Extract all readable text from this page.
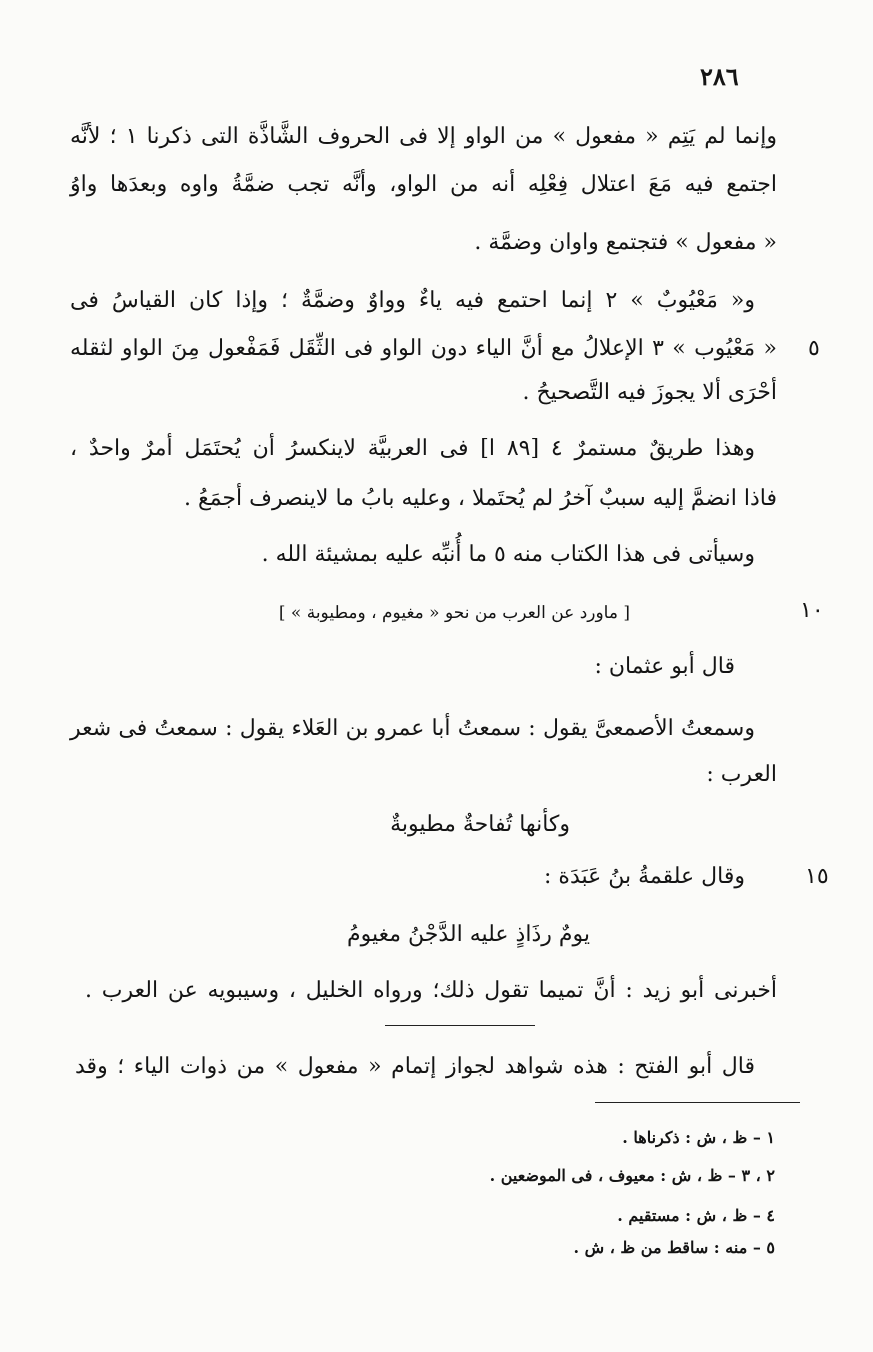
٢٨٦
وإنما لم يَتِم « مفعول » من الواو إلا فى الحروف الشَّاذَّة التى ذكرنا ١ ؛ لأنَّه
اجتمع فيه مَعَ اعتلال فِعْلِه أنه من الواو، وأنَّه تجب ضمَّةُ واوه وبعدَها واوُ
« مفعول » فتجتمع واوان وضمَّة .
و« مَعْيُوبٌ » ٢ إنما احتمع فيه ياءٌ وواوٌ وضمَّةٌ ؛ وإذا كان القياسُ فى
« مَعْيُوب » ٣ الإعلالُ مع أنَّ الياء دون الواو فى الثِّقَل فَمَفْعول مِنَ الواو لثقله ٥
أحْرَى ألا يجوزَ فيه التَّصحيحُ .
وهذا طريقٌ مستمرٌ ٤ [٨٩ ا] فى العربيَّة لاينكسرُ أن يُحتَمَل أمرٌ واحدٌ ،
فاذا انضمَّ إليه سببٌ آخرُ لم يُحتَملا ، وعليه بابُ ما لاينصرف أجمَعُ .
وسيأتى فى هذا الكتاب منه ٥ ما أُنبِّه عليه بمشيئة الله .
١٠
[ ماورد عن العرب من نحو « مغيوم ، ومطيوبة » ]
قال أبو عثمان :
وسمعتُ الأصمعىَّ يقول : سمعتُ أبا عمرو بن العَلاء يقول : سمعتُ فى شعر
العرب :
وكأنها تُفاحةٌ مطيوبةٌ
١٥
وقال علقمةُ بنُ عَبَدَة :
يومٌ رذَاذٍ عليه الدَّجْنُ مغيومُ
أخبرنى أبو زيد : أنَّ تميما تقول ذلك؛ ورواه الخليل ، وسيبويه عن العرب .
قال أبو الفتح : هذه شواهد لجواز إتمام « مفعول » من ذوات الياء ؛ وقد
١ – ظ ، ش : ذكرناها .
٢ ، ٣ – ظ ، ش : معيوف ، فى الموضعين .
٤ – ظ ، ش : مستقيم .
٥ – منه : ساقط من ظ ، ش .
